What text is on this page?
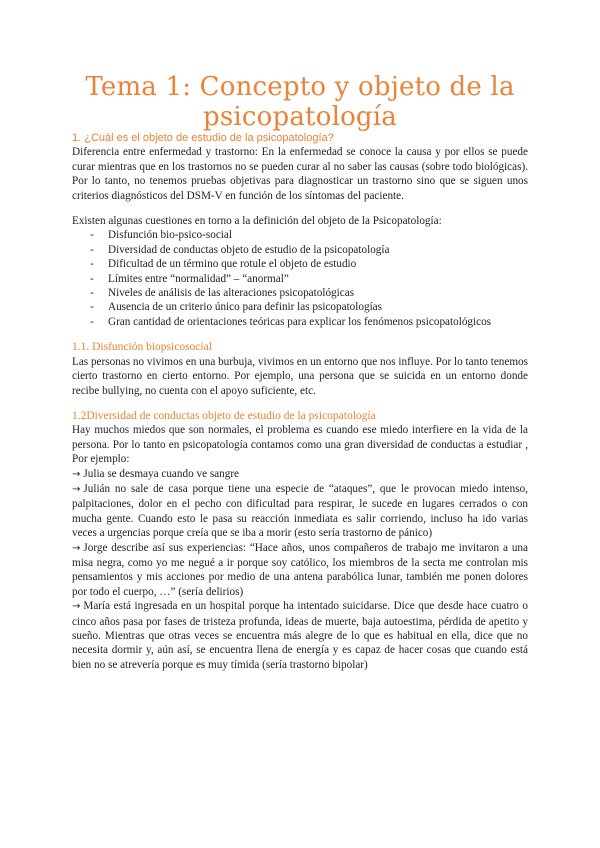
Tema 1: Concepto y objeto de la psicopatología
1. ¿Cuál es el objeto de estudio de la psicopatología?

Diferencia entre enfermedad y trastorno: En la enfermedad se conoce la causa y por ellos se puede curar mientras que en los trastornos no se pueden curar al no saber las causas (sobre todo biológicas). Por lo tanto, no tenemos pruebas objetivas para diagnosticar un trastorno sino que se siguen unos criterios diagnósticos del DSM-V en función de los síntomas del paciente.

Existen algunas cuestiones en torno a la definición del objeto de la Psicopatología:

- Disfunción bio-psico-social
- Diversidad de conductas objeto de estudio de la psicopatología
- Dificultad de un término que rotule el objeto de estudio
- Límites entre “normalidad” – “anormal”
- Niveles de análisis de las alteraciones psicopatológicas
- Ausencia de un criterio único para definir las psicopatologías
- Gran cantidad de orientaciones teóricas para explicar los fenómenos psicopatológicos
1.1. Disfunción biopsicosocial

Las personas no vivimos en una burbuja, vivimos en un entorno que nos influye. Por lo tanto tenemos cierto trastorno en cierto entorno. Por ejemplo, una persona que se suicida en un entorno donde recibe bullying, no cuenta con el apoyo suficiente, etc.

1.2Diversidad de conductas objeto de estudio de la psicopatología

Hay muchos miedos que son normales, el problema es cuando ese miedo interfiere en la vida de la persona. Por lo tanto en psicopatología contamos como una gran diversidad de conductas a estudiar , Por ejemplo:

→ Julia se desmaya cuando ve sangre

→ Julián no sale de casa porque tiene una especie de “ataques”, que le provocan miedo intenso, palpitaciones, dolor en el pecho con dificultad para respirar, le sucede en lugares cerrados o con mucha gente. Cuando esto le pasa su reacción inmediata es salir corriendo, incluso ha ido varias veces a urgencias porque creía que se iba a morir (esto sería trastorno de pánico)

→ Jorge describe así sus experiencias: “Hace años, unos compañeros de trabajo me invitaron a una misa negra, como yo me negué a ir porque soy católico, los miembros de la secta me controlan mis pensamientos y mis acciones por medio de una antena parabólica lunar, también me ponen dolores por todo el cuerpo, …” (sería delirios)

→ María está ingresada en un hospital porque ha intentado suicidarse. Dice que desde hace cuatro o cinco años pasa por fases de tristeza profunda, ideas de muerte, baja autoestima, pérdida de apetito y sueño. Mientras que otras veces se encuentra más alegre de lo que es habitual en ella, dice que no necesita dormir y, aún así, se encuentra llena de energía y es capaz de hacer cosas que cuando está bien no se atrevería porque es muy tímida (sería trastorno bipolar)
